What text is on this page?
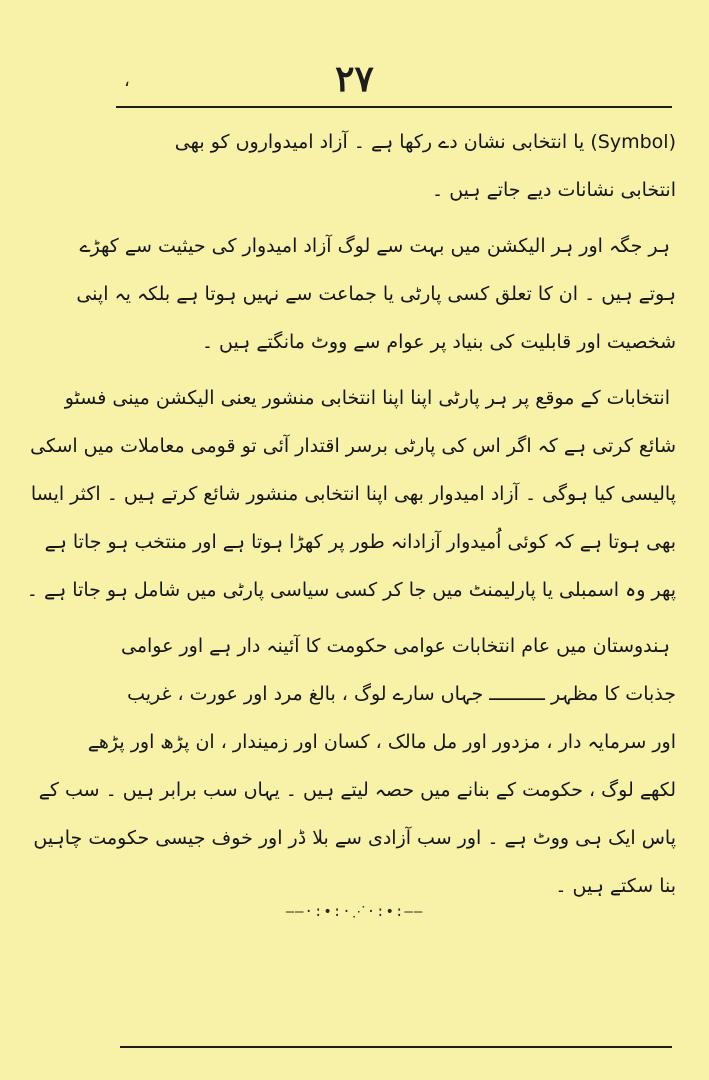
،	۲۷
(Symbol) یا انتخابی نشان دے رکھا ہے ۔ آزاد امیدواروں کو بھی
انتخابی نشانات دیے جاتے ہیں ۔
ہر جگہ اور ہر الیکشن میں بہت سے لوگ آزاد امیدوار کی حیثیت سے کھڑے
ہوتے ہیں ۔ ان کا تعلق کسی پارٹی یا جماعت سے نہیں ہوتا ہے بلکہ یہ اپنی
شخصیت اور قابلیت کی بنیاد پر عوام سے ووٹ مانگتے ہیں ۔
انتخابات کے موقع پر ہر پارٹی اپنا اپنا انتخابی منشور یعنی الیکشن مینی فسٹو
شائع کرتی ہے کہ اگر اس کی پارٹی برسر اقتدار آئی تو قومی معاملات میں اسکی
پالیسی کیا ہوگی ۔ آزاد امیدوار بھی اپنا انتخابی منشور شائع کرتے ہیں ۔ اکثر ایسا
بھی ہوتا ہے کہ کوئی اُمیدوار آزادانہ طور پر کھڑا ہوتا ہے اور منتخب ہو جاتا ہے
پھر وہ اسمبلی یا پارلیمنٹ میں جا کر کسی سیاسی پارٹی میں شامل ہو جاتا ہے ۔
ہندوستان میں عام انتخابات عوامی حکومت کا آئینہ دار ہے اور عوامی
جذبات کا مظہر ــــــــــ جہاں سارے لوگ ، بالغ مرد اور عورت ، غریب
اور سرمایہ دار ، مزدور اور مل مالک ، کسان اور زمیندار ، ان پڑھ اور پڑھے
لکھے لوگ ، حکومت کے بنانے میں حصہ لیتے ہیں ۔ یہاں سب برابر ہیں ۔ سب کے
پاس ایک ہی ووٹ ہے ۔ اور سب آزادی سے بلا ڈر اور خوف جیسی حکومت چاہیں
بنا سکتے ہیں ۔
——·:•:·⋰·:•:——
